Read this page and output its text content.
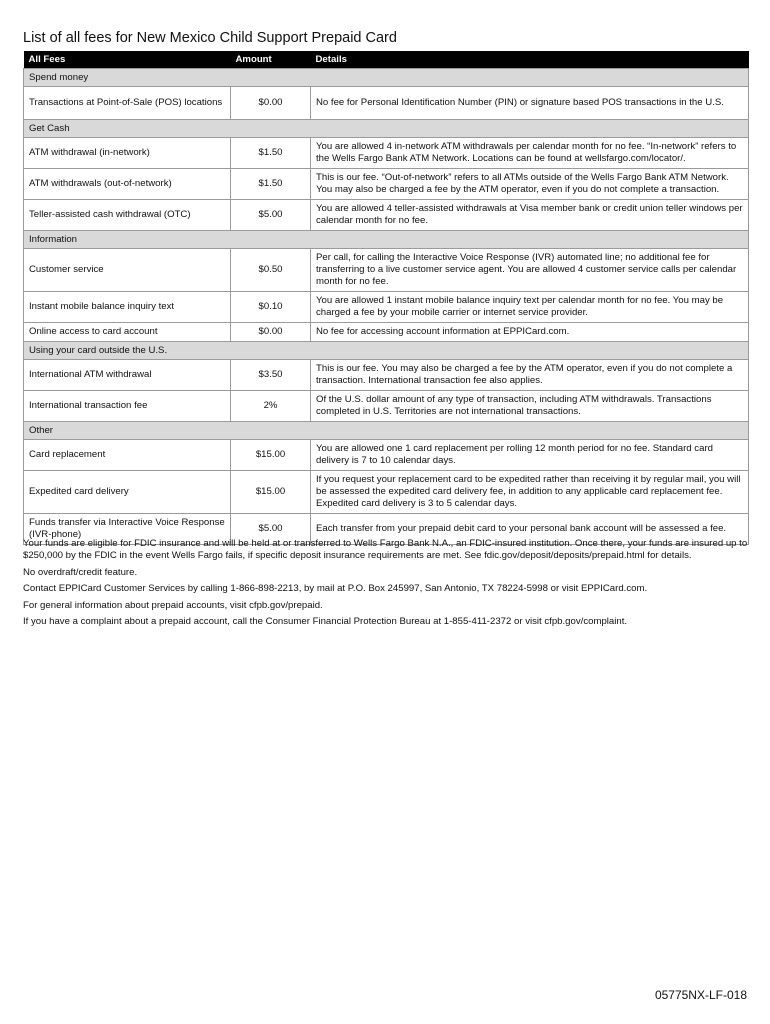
List of all fees for New Mexico Child Support Prepaid Card
All Fees	Amount	Details
Spend money		
Transactions at Point-of-Sale (POS) locations	$0.00	No fee for Personal Identification Number (PIN) or signature based POS transactions in the U.S.
Get Cash		
ATM withdrawal (in-network)	$1.50	You are allowed 4 in-network ATM withdrawals per calendar month for no fee. “In-network” refers to the Wells Fargo Bank ATM Network. Locations can be found at wellsfargo.com/locator/.
ATM withdrawals (out-of-network)	$1.50	This is our fee. “Out-of-network” refers to all ATMs outside of the Wells Fargo Bank ATM Network. You may also be charged a fee by the ATM operator, even if you do not complete a transaction.
Teller-assisted cash withdrawal (OTC)	$5.00	You are allowed 4 teller-assisted withdrawals at Visa member bank or credit union teller windows per calendar month for no fee.
Information		
Customer service	$0.50	Per call, for calling the Interactive Voice Response (IVR) automated line; no additional fee for transferring to a live customer service agent. You are allowed 4 customer service calls per calendar month for no fee.
Instant mobile balance inquiry text	$0.10	You are allowed 1 instant mobile balance inquiry text per calendar month for no fee. You may be charged a fee by your mobile carrier or internet service provider.
Online access to card account	$0.00	No fee for accessing account information at EPPICard.com.
Using your card outside the U.S.		
International ATM withdrawal	$3.50	This is our fee. You may also be charged a fee by the ATM operator, even if you do not complete a transaction. International transaction fee also applies.
International transaction fee	2%	Of the U.S. dollar amount of any type of transaction, including ATM withdrawals. Transactions completed in U.S. Territories are not international transactions.
Other		
Card replacement	$15.00	You are allowed one 1 card replacement per rolling 12 month period for no fee. Standard card delivery is 7 to 10 calendar days.
Expedited card delivery	$15.00	If you request your replacement card to be expedited rather than receiving it by regular mail, you will be assessed the expedited card delivery fee, in addition to any applicable card replacement fee. Expedited card delivery is 3 to 5 calendar days.
Funds transfer via Interactive Voice Response (IVR-phone)	$5.00	Each transfer from your prepaid debit card to your personal bank account will be assessed a fee.

Your funds are eligible for FDIC insurance and will be held at or transferred to Wells Fargo Bank N.A., an FDIC-insured institution. Once there, your funds are insured up to $250,000 by the FDIC in the event Wells Fargo fails, if specific deposit insurance requirements are met. See fdic.gov/deposit/deposits/prepaid.html for details.

No overdraft/credit feature.

Contact EPPICard Customer Services by calling 1-866-898-2213, by mail at P.O. Box 245997, San Antonio, TX 78224-5998 or visit EPPICard.com.

For general information about prepaid accounts, visit cfpb.gov/prepaid.

If you have a complaint about a prepaid account, call the Consumer Financial Protection Bureau at 1-855-411-2372 or visit cfpb.gov/complaint.

05775NX-LF-018
